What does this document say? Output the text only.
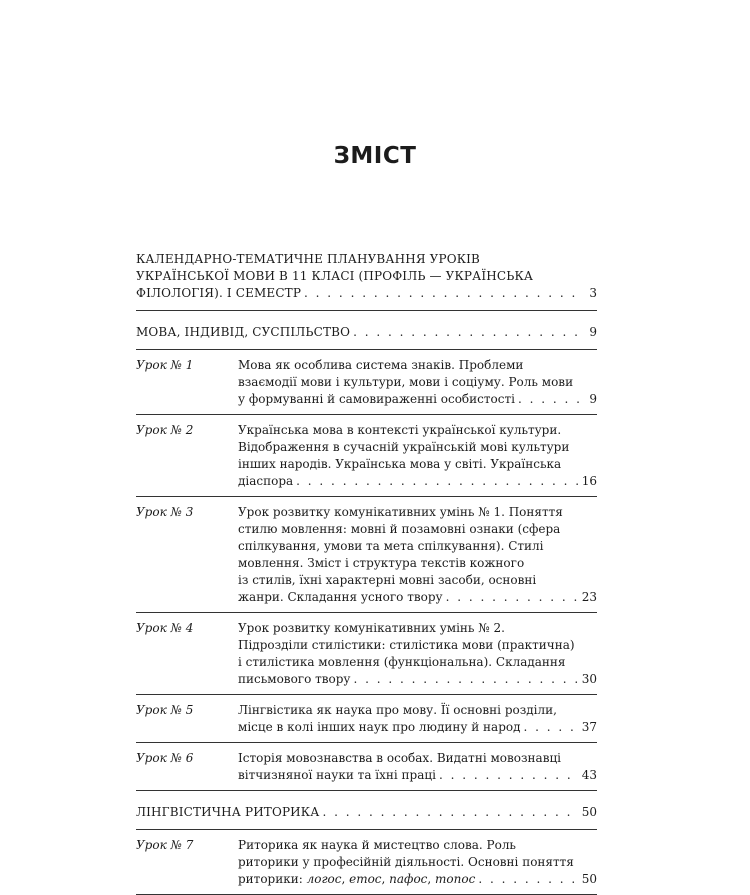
ЗМІСТ
КАЛЕНДАРНО-ТЕМАТИЧНЕ ПЛАНУВАННЯ УРОКІВ
УКРАЇНСЬКОЇ МОВИ В 11 КЛАСІ (ПРОФІЛЬ — УКРАЇНСЬКА
ФІЛОЛОГІЯ). І СЕМЕСТР . . .	3
МОВА, ІНДИВІД, СУСПІЛЬСТВО . . .	9
Урок № 1	Мова як особлива система знаків. Проблеми
взаємодії мови і культури, мови і соціуму. Роль мови
у формуванні й самовираженні особистості . . .	9
Урок № 2	Українська мова в контексті української культури.
Відображення в сучасній українській мові культури
інших народів. Українська мова у світі. Українська
діаспора . . .	16
Урок № 3	Урок розвитку комунікативних умінь № 1. Поняття
стилю мовлення: мовні й позамовні ознаки (сфера
спілкування, умови та мета спілкування). Стилі
мовлення. Зміст і структура текстів кожного
із стилів, їхні характерні мовні засоби, основні
жанри. Складання усного твору . . .	23
Урок № 4	Урок розвитку комунікативних умінь № 2.
Підрозділи стилістики: стилістика мови (практична)
і стилістика мовлення (функціональна). Складання
письмового твору . . .	30
Урок № 5	Лінгвістика як наука про мову. Її основні розділи,
місце в колі інших наук про людину й народ . . .	37
Урок № 6	Історія мовознавства в особах. Видатні мовознавці
вітчизняної науки та їхні праці . . .	43
ЛІНГВІСТИЧНА РИТОРИКА . . .	50
Урок № 7	Риторика як наука й мистецтво слова. Роль
риторики у професійній діяльності. Основні поняття
риторики: логос, етос, пафос, топос . . .	50
